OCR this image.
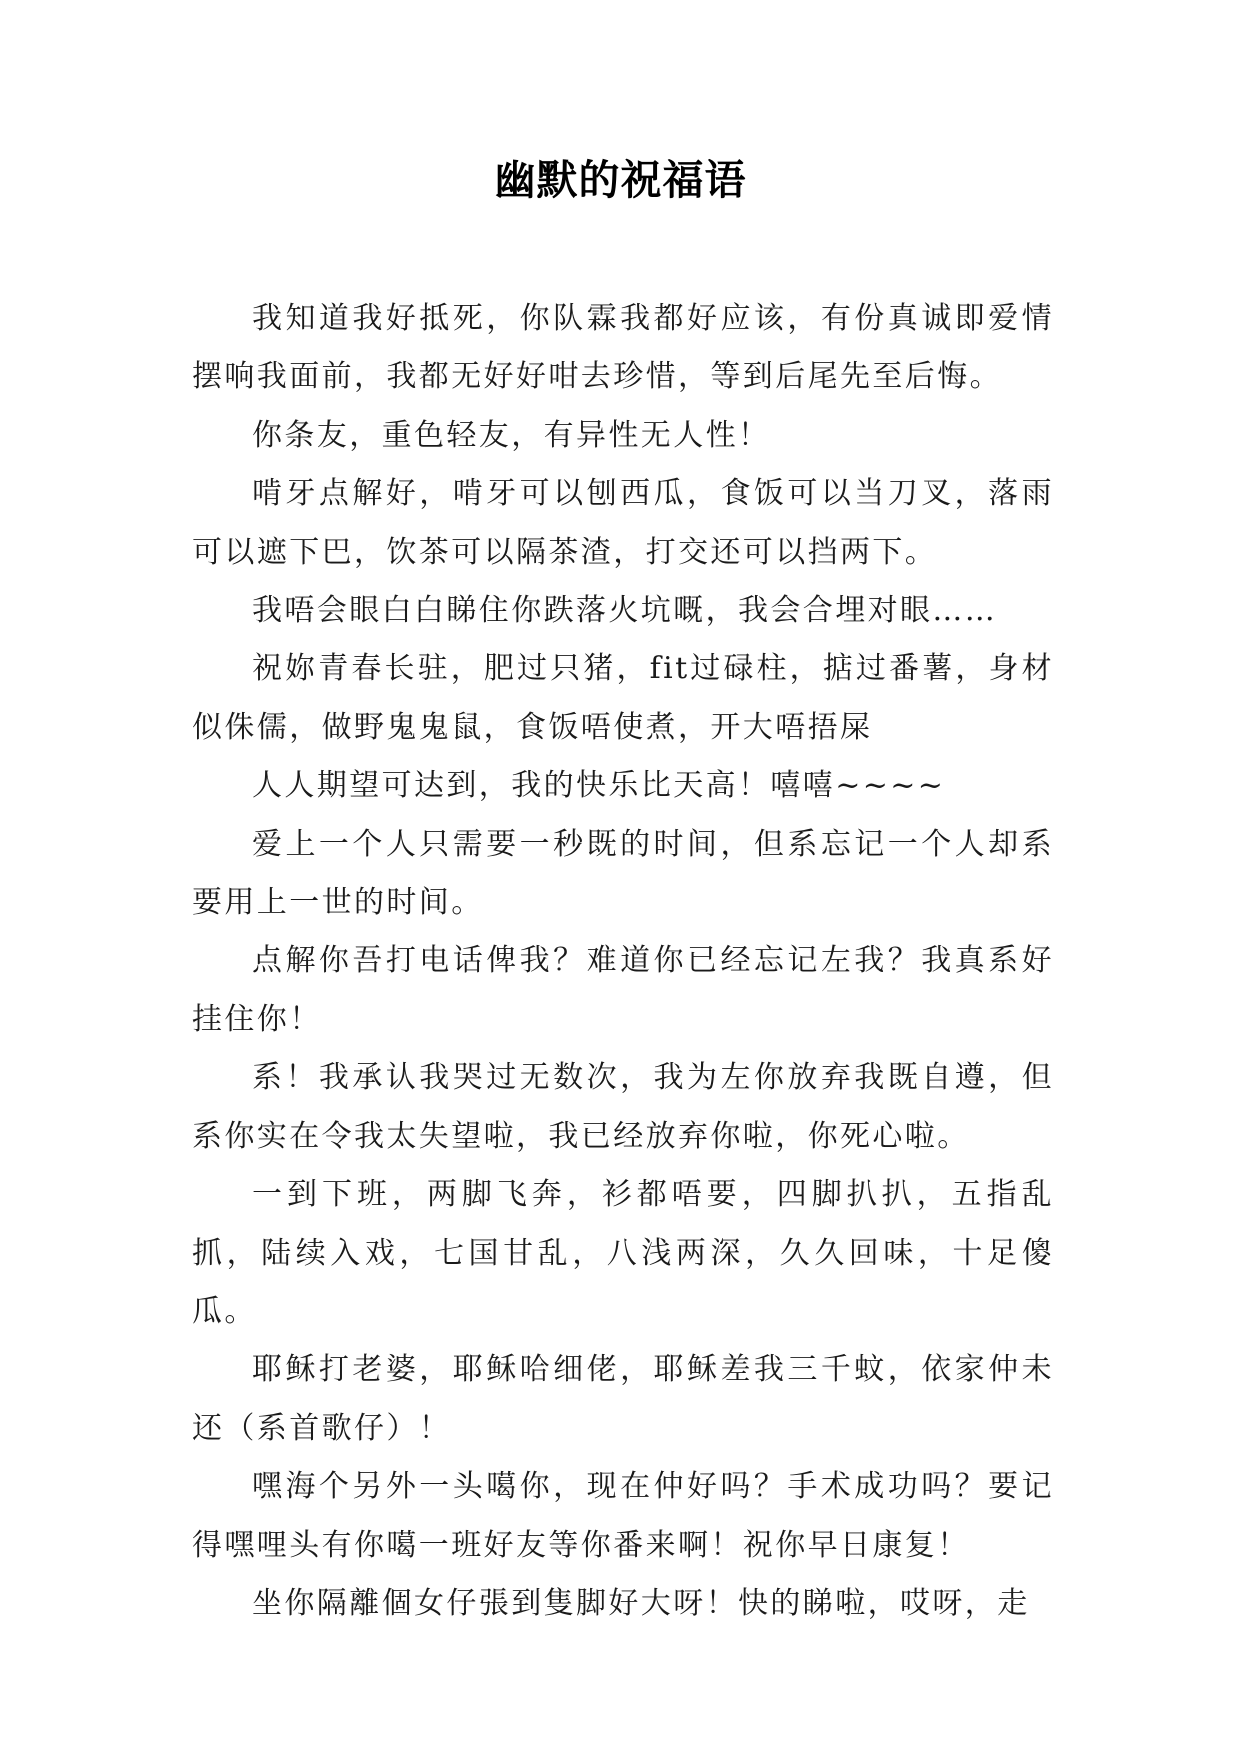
幽默的祝福语

我知道我好抵死，你队霖我都好应该，有份真诚即爱情摆响我面前，我都无好好咁去珍惜，等到后尾先至后悔。

你条友，重色轻友，有异性无人性！

啃牙点解好，啃牙可以刨西瓜，食饭可以当刀叉，落雨可以遮下巴，饮茶可以隔茶渣，打交还可以挡两下。

我唔会眼白白睇住你跌落火坑嘅，我会合埋对眼……

祝妳青春长驻，肥过只猪，fit过碌柱，掂过番薯，身材似侏儒，做野鬼鬼鼠，食饭唔使煮，开大唔捂屎

人人期望可达到，我的快乐比天高！嘻嘻~~~~

爱上一个人只需要一秒既的时间，但系忘记一个人却系要用上一世的时间。

点解你吾打电话俾我？难道你已经忘记左我？我真系好挂住你！

系！我承认我哭过无数次，我为左你放弃我既自遵，但系你实在令我太失望啦，我已经放弃你啦，你死心啦。

一到下班，两脚飞奔，衫都唔要，四脚扒扒，五指乱抓，陆续入戏，七国甘乱，八浅两深，久久回味，十足傻瓜。

耶稣打老婆，耶稣哈细佬，耶稣差我三千蚊，依家仲未还（系首歌仔）！

嘿海个另外一头噶你，现在仲好吗？手术成功吗？要记得嘿哩头有你噶一班好友等你番来啊！祝你早日康复！

坐你隔離個女仔張到隻脚好大呀！快的睇啦，哎呀，走
